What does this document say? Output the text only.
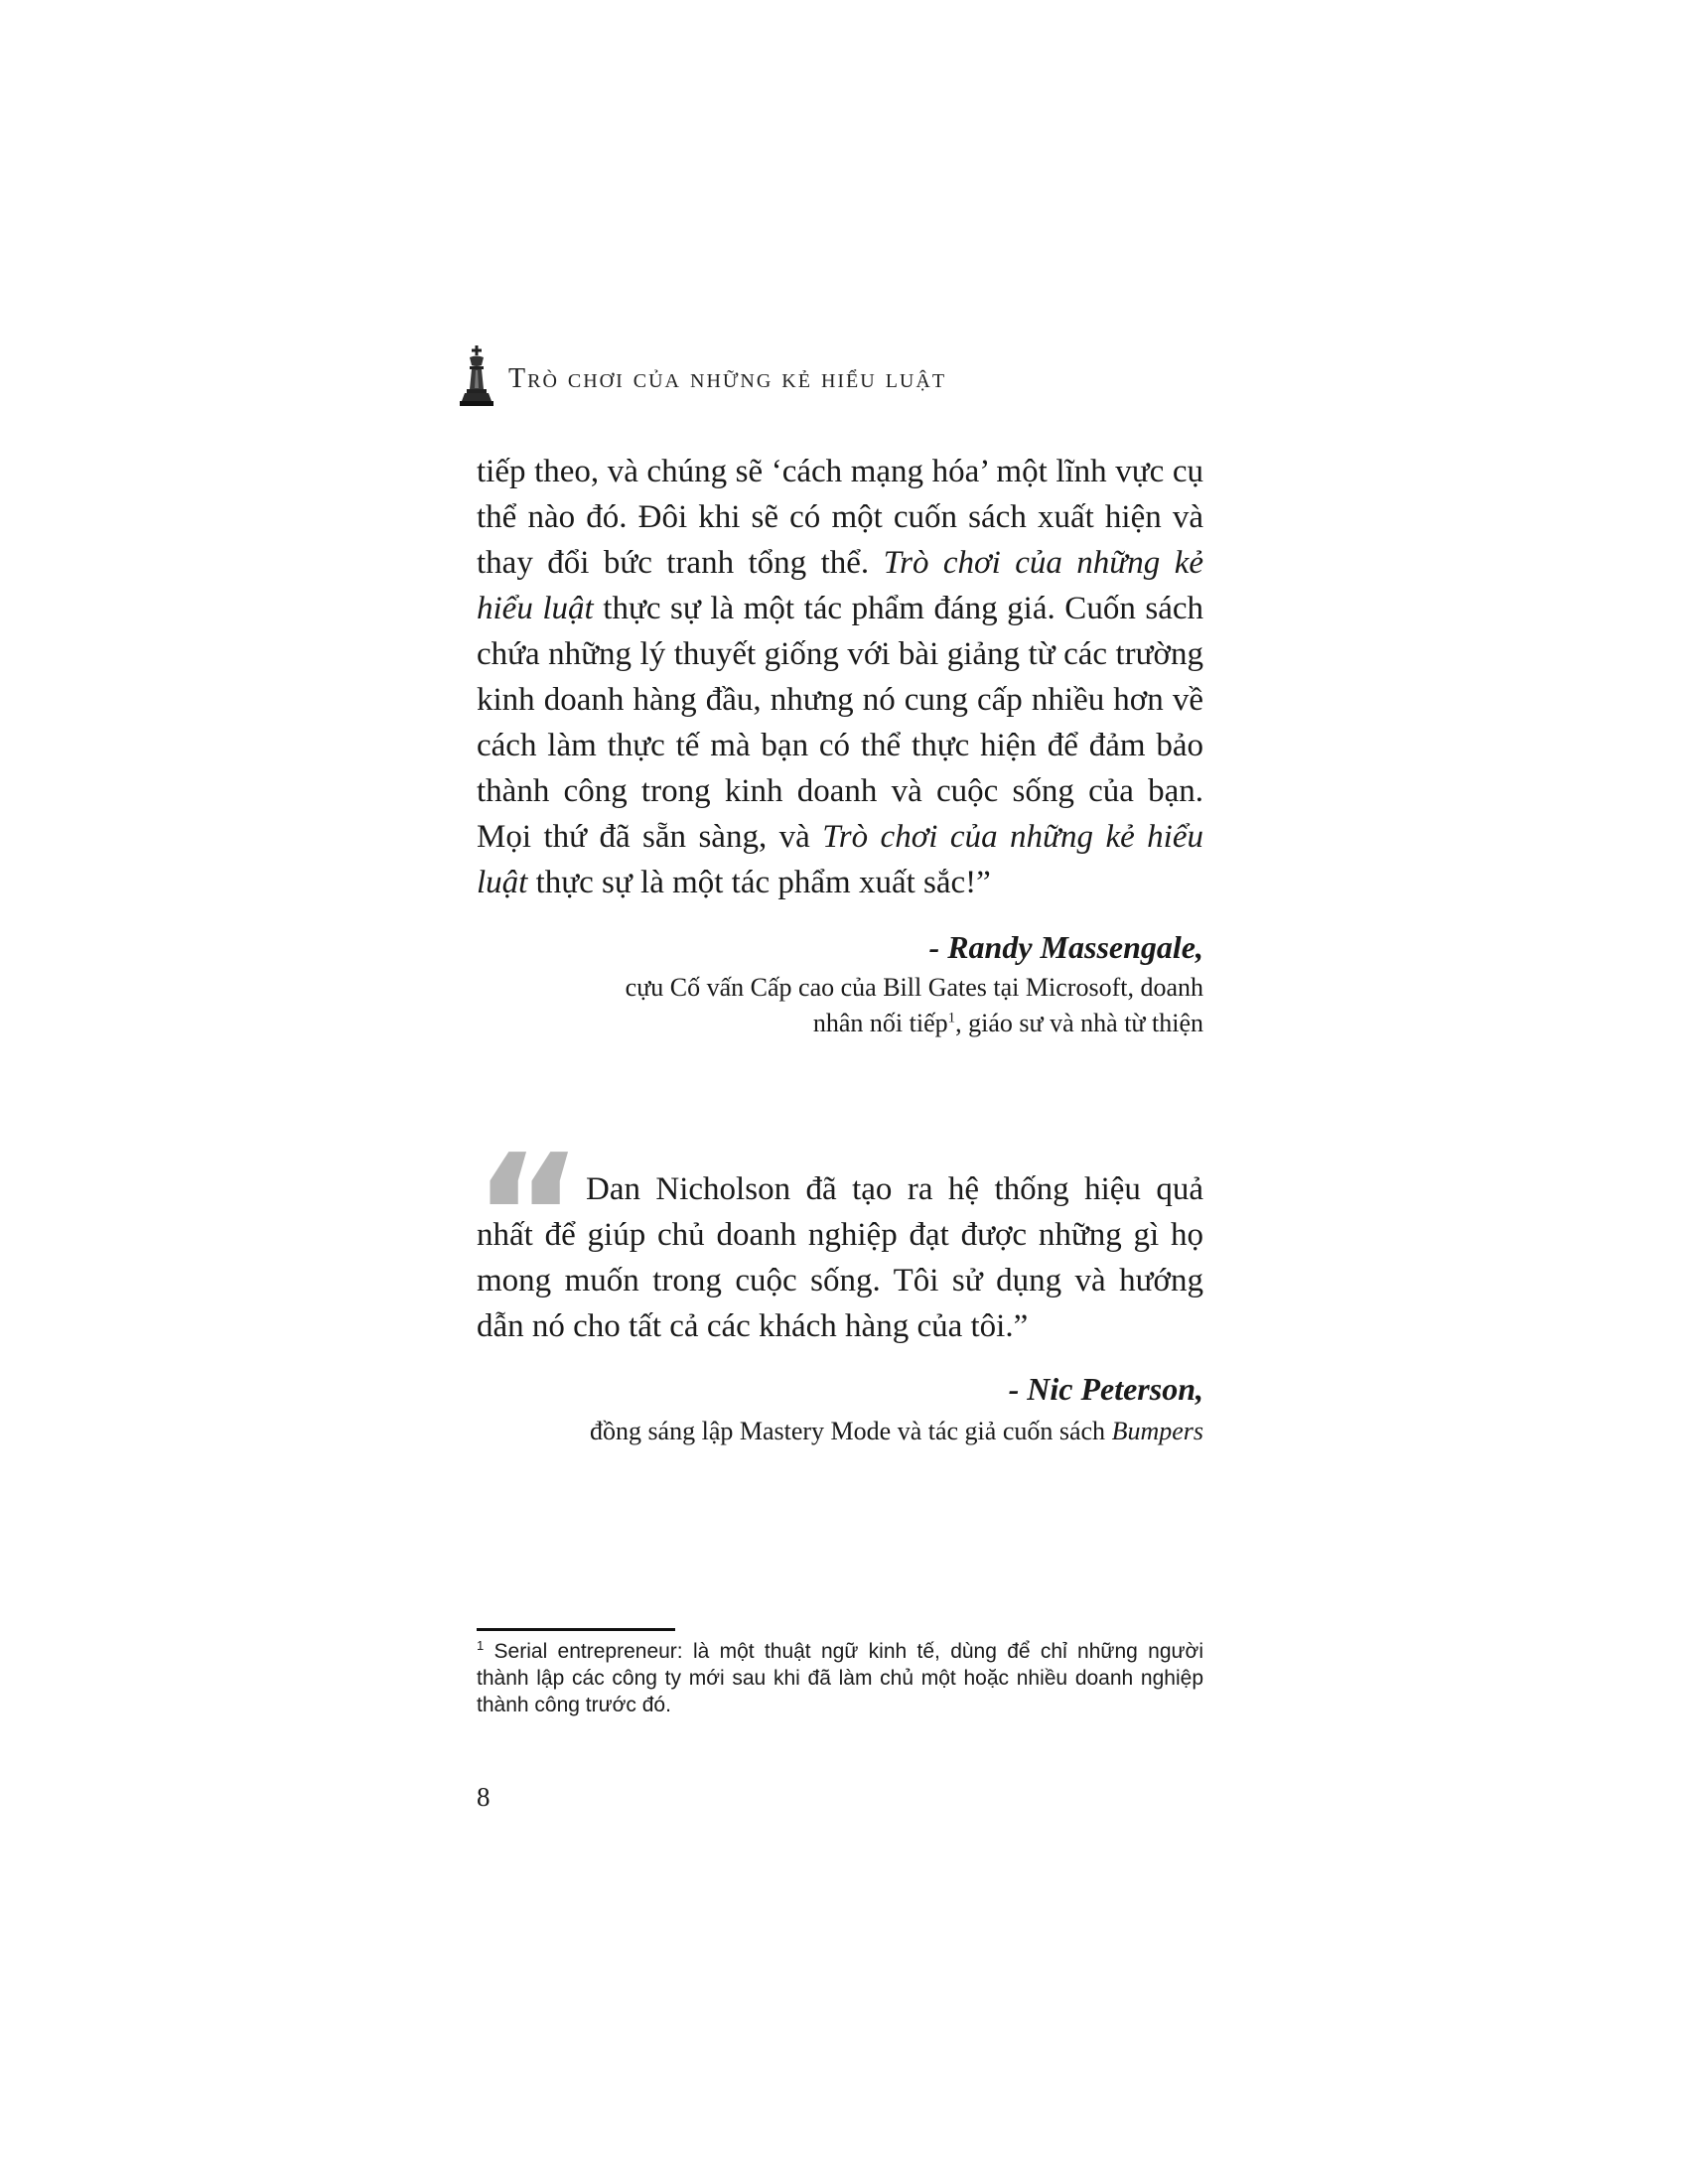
Trò chơi của những kẻ hiểu luật

tiếp theo, và chúng sẽ ‘cách mạng hóa’ một lĩnh vực cụ thể nào đó. Đôi khi sẽ có một cuốn sách xuất hiện và thay đổi bức tranh tổng thể. Trò chơi của những kẻ hiểu luật thực sự là một tác phẩm đáng giá. Cuốn sách chứa những lý thuyết giống với bài giảng từ các trường kinh doanh hàng đầu, nhưng nó cung cấp nhiều hơn về cách làm thực tế mà bạn có thể thực hiện để đảm bảo thành công trong kinh doanh và cuộc sống của bạn. Mọi thứ đã sẵn sàng, và Trò chơi của những kẻ hiểu luật thực sự là một tác phẩm xuất sắc!”

- Randy Massengale,

cựu Cố vấn Cấp cao của Bill Gates tại Microsoft, doanh
nhân nối tiếp$^1$, giáo sư và nhà từ thiện

“ Dan Nicholson đã tạo ra hệ thống hiệu quả nhất để giúp chủ doanh nghiệp đạt được những gì họ mong muốn trong cuộc sống. Tôi sử dụng và hướng dẫn nó cho tất cả các khách hàng của tôi.”

- Nic Peterson,

đồng sáng lập Mastery Mode và tác giả cuốn sách Bumpers

$^1$ Serial entrepreneur: là một thuật ngữ kinh tế, dùng để chỉ những người thành lập các công ty mới sau khi đã làm chủ một hoặc nhiều doanh nghiệp thành công trước đó.

8
